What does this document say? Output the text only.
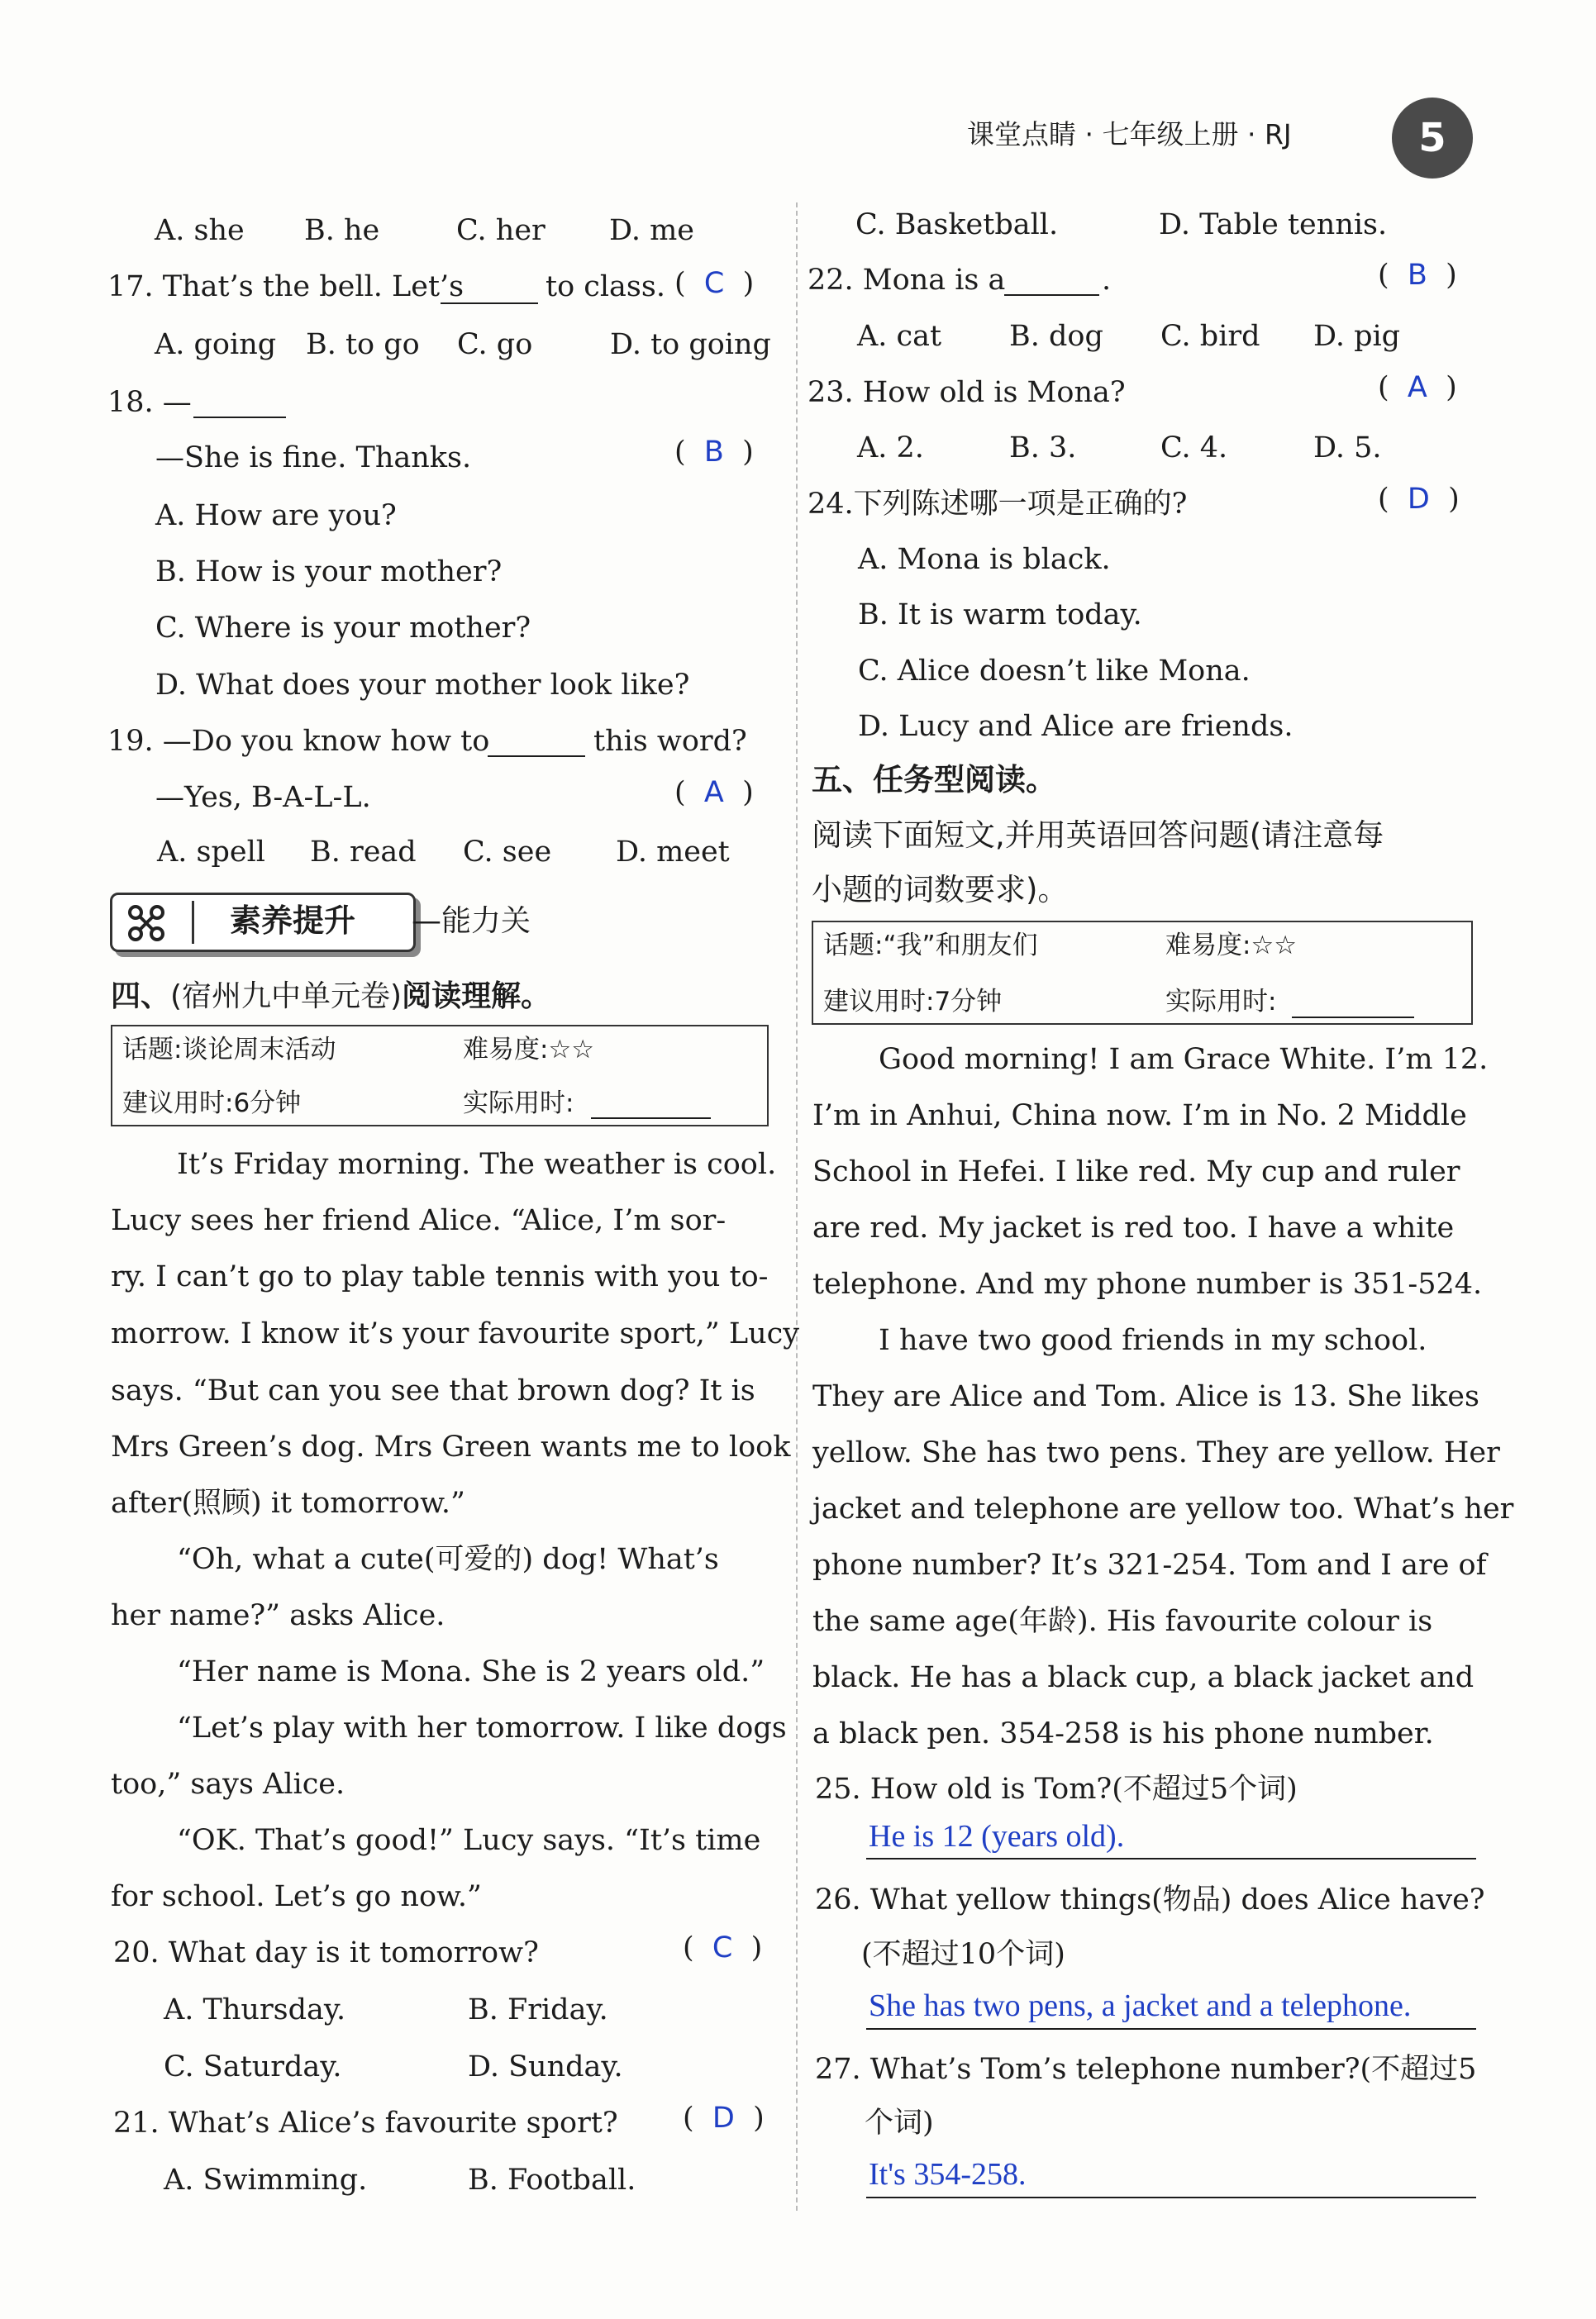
课堂点睛 · 七年级上册 · RJ	5
A. she B. he	C. her D. me
17. That’s the bell. Let’s	to class. (  C  )
A. going B. to go C. go	D. to going
18. —
—She is fine. Thanks.	(  B  )
A. How are you?
B. How is your mother?
C. Where is your mother?
D. What does your mother look like?
19. —Do you know how to	this word?
—Yes, B-A-L-L.	(  A  )
A. spell B. read C. see D. meet
素养提升 —能力关
四、(宿州九中单元卷)阅读理解。
话题:谈论周末活动	难易度:☆☆
建议用时:6分钟	实际用时:
It’s Friday morning. The weather is cool.
Lucy sees her friend Alice. “Alice, I’m sor-
ry. I can’t go to play table tennis with you to-
morrow. I know it’s your favourite sport,” Lucy
says. “But can you see that brown dog? It is
Mrs Green’s dog. Mrs Green wants me to look
after(照顾) it tomorrow.”
“Oh, what a cute(可爱的) dog! What’s
her name?” asks Alice.
“Her name is Mona. She is 2 years old.”
“Let’s play with her tomorrow. I like dogs
too,” says Alice.
“OK. That’s good!” Lucy says. “It’s time
for school. Let’s go now.”
20. What day is it tomorrow?	(  C  )
A. Thursday.	B. Friday.
C. Saturday.	D. Sunday.
21. What’s Alice’s favourite sport? (  D  )
A. Swimming.	B. Football.
C. Basketball.	D. Table tennis.
22. Mona is a	.	(  B  )
A. cat B. dog C. bird D. pig
23. How old is Mona?	(  A  )
A. 2.	B. 3.	C. 4.	D. 5.
24.下列陈述哪一项是正确的?	(  D  )
A. Mona is black.
B. It is warm today.
C. Alice doesn’t like Mona.
D. Lucy and Alice are friends.
五、任务型阅读。
阅读下面短文,并用英语回答问题(请注意每
小题的词数要求)。
话题:“我”和朋友们	难易度:☆☆
建议用时:7分钟	实际用时:
Good morning! I am Grace White. I’m 12.
I’m in Anhui, China now. I’m in No. 2 Middle
School in Hefei. I like red. My cup and ruler
are red. My jacket is red too. I have a white
telephone. And my phone number is 351-524.
I have two good friends in my school.
They are Alice and Tom. Alice is 13. She likes
yellow. She has two pens. They are yellow. Her
jacket and telephone are yellow too. What’s her
phone number? It’s 321-254. Tom and I are of
the same age(年龄). His favourite colour is
black. He has a black cup, a black jacket and
a black pen. 354-258 is his phone number.
25. How old is Tom?(不超过5个词)
He is 12 (years old).
26. What yellow things(物品) does Alice have?
(不超过10个词)
She has two pens, a jacket and a telephone.
27. What’s Tom’s telephone number?(不超过5
个词)
It's 354-258.
